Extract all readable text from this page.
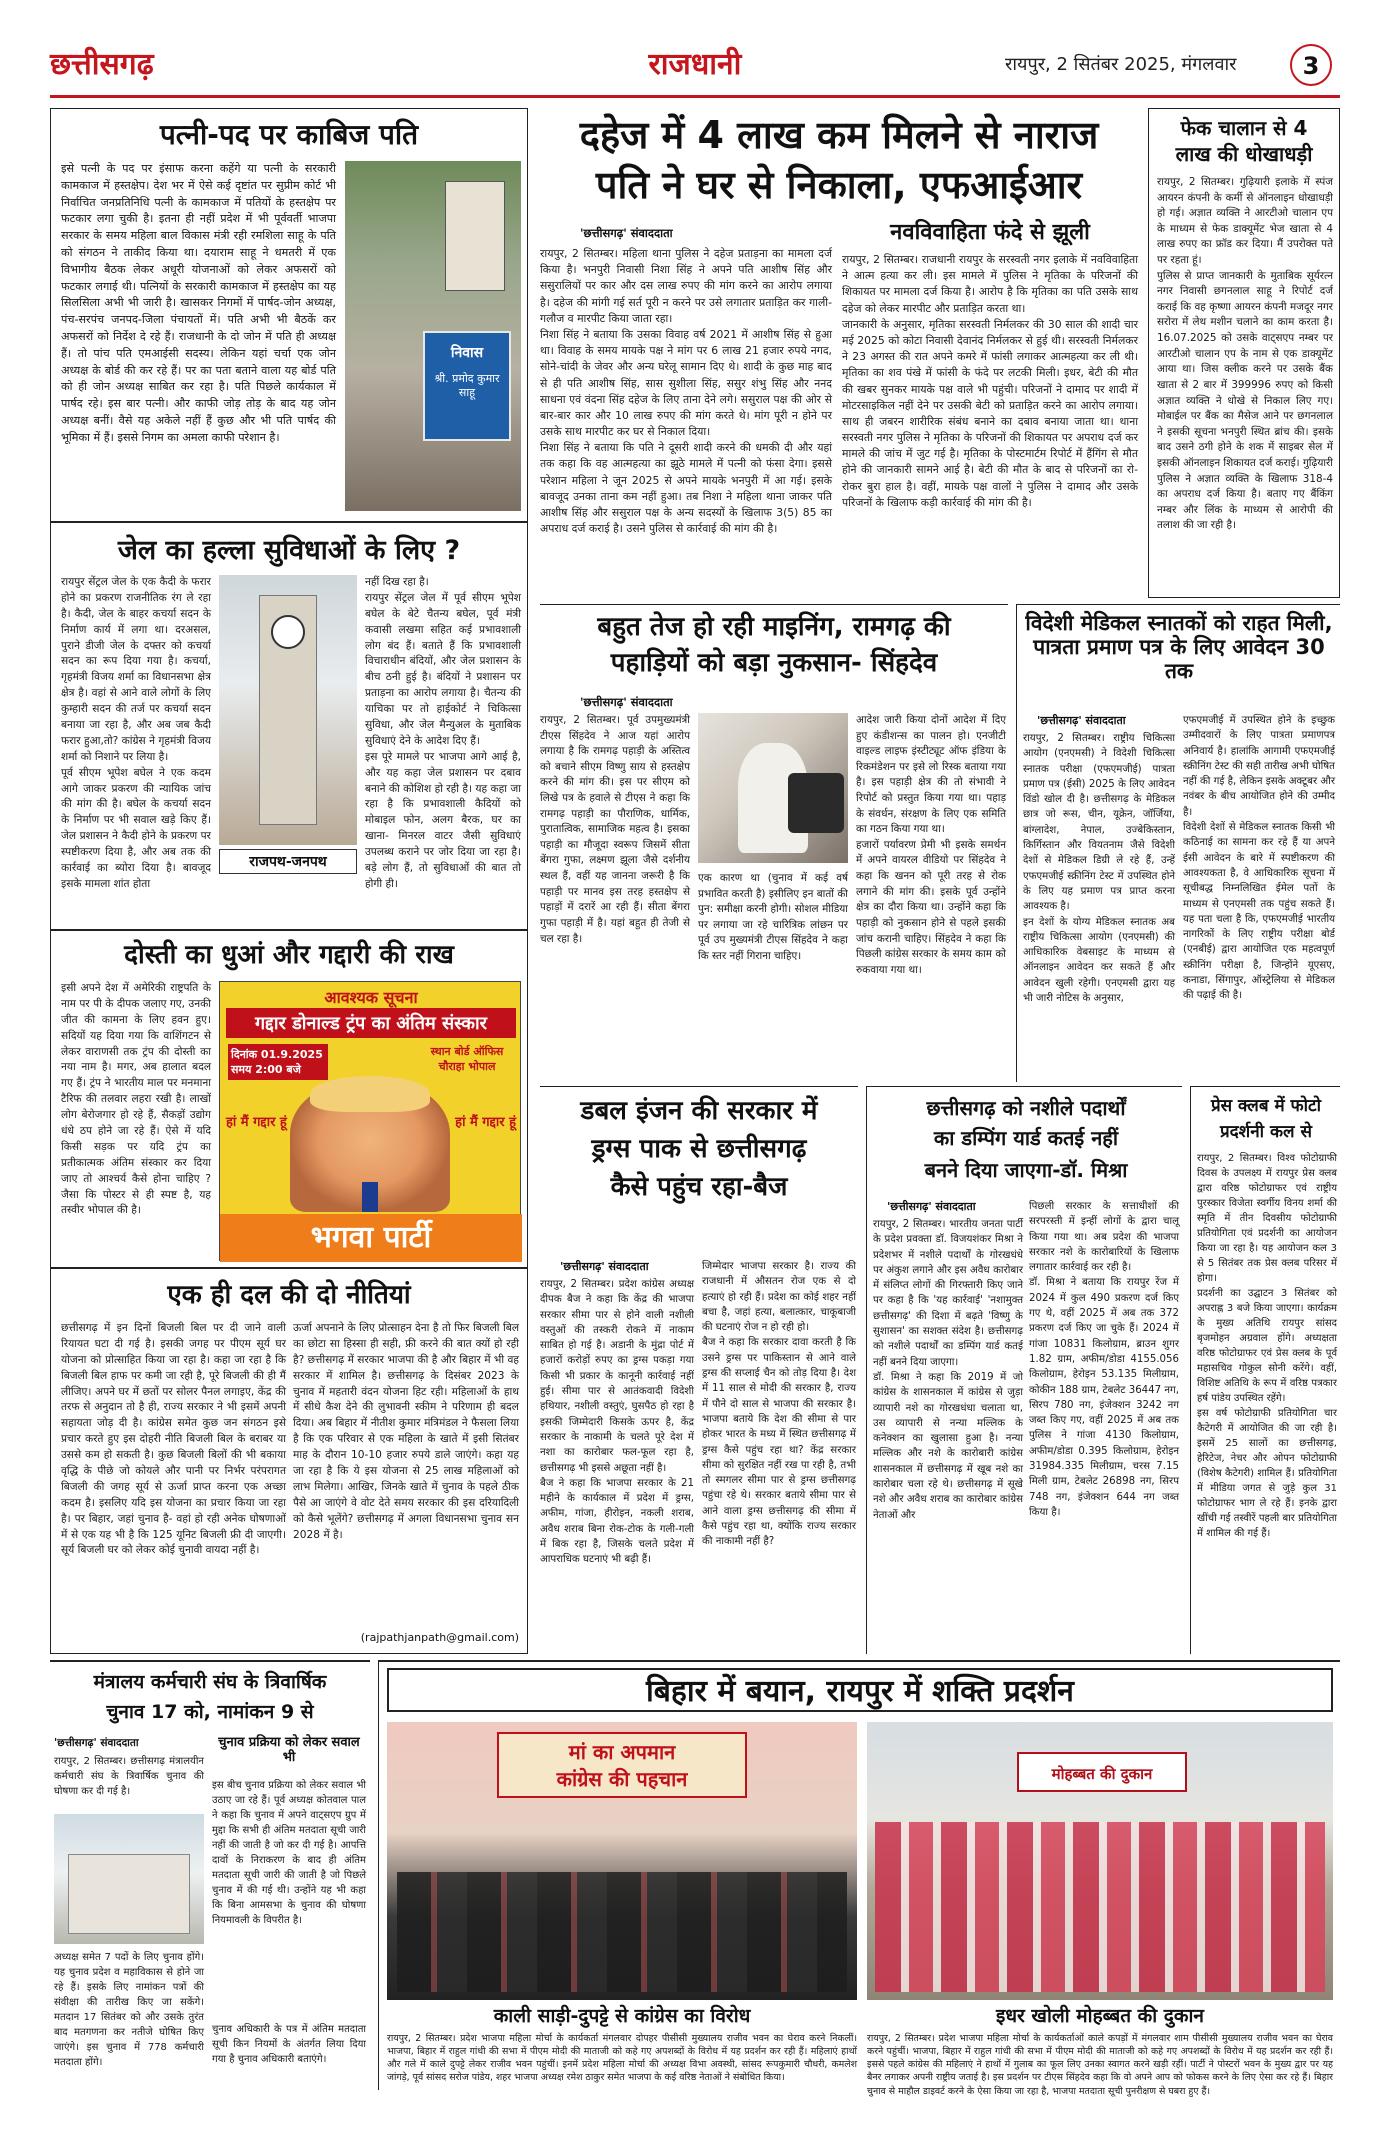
छत्तीसगढ़	राजधानी	रायपुर, 2 सितंबर 2025, मंगलवार	3
पत्नी-पद पर काबिज पति
इसे पत्नी के पद पर इंसाफ करना कहेंगे या पत्नी के सरकारी कामकाज में हस्तक्षेप। देश भर में ऐसे कई दृष्टांत पर सुप्रीम कोर्ट भी निर्वाचित जनप्रतिनिधि पत्नी के कामकाज में पतियों के हस्तक्षेप पर फटकार लगा चुकी है। इतना ही नहीं प्रदेश में भी पूर्ववर्ती भाजपा सरकार के समय महिला बाल विकास मंत्री रही रमशिला साहू के पति को संगठन ने ताकीद किया था। दयाराम साहू ने धमतरी में एक विभागीय बैठक लेकर अधूरी योजनाओं को लेकर अफसरों को फटकार लगाई थी। पत्नियों के सरकारी कामकाज में हस्तक्षेप का यह सिलसिला अभी भी जारी है। खासकर निगमों में पार्षद-जोन अध्यक्ष, पंच-सरपंच जनपद-जिला पंचायतों में। पति अभी भी बैठकें कर अफसरों को निर्देश दे रहे हैं। राजधानी के दो जोन में पति ही अध्यक्ष हैं। तो पांच पति एमआईसी सदस्य। लेकिन यहां चर्चा एक जोन अध्यक्ष के बोर्ड की कर रहे हैं। पर का पता बताने वाला यह बोर्ड पति को ही जोन अध्यक्ष साबित कर रहा है। पति पिछले कार्यकाल में पार्षद रहे। इस बार पत्नी। और काफी जोड़ तोड़ के बाद यह जोन अध्यक्ष बनीं। वैसे यह अकेले नहीं हैं कुछ और भी पति पार्षद की भूमिका में हैं। इससे निगम का अमला काफी परेशान है।
निवास
श्री. प्रमोद कुमार साहू
जेल का हल्ला सुविधाओं के लिए ?
रायपुर सेंट्रल जेल के एक कैदी के फरार होने का प्रकरण राजनीतिक रंग ले रहा है। कैदी, जेल के बाहर कचर्या सदन के निर्माण कार्य में लगा था। दरअसल, पुराने डीजी जेल के दफ्तर को कचर्या सदन का रूप दिया गया है। कचर्या, गृहमंत्री विजय शर्मा का विधानसभा क्षेत्र क्षेत्र है। वहां से आने वाले लोगों के लिए कुम्हारी सदन की तर्ज पर कचर्या सदन बनाया जा रहा है, और अब जब कैदी फरार हुआ,तो? कांग्रेस ने गृहमंत्री विजय शर्मा को निशाने पर लिया है।
पूर्व सीएम भूपेश बघेल ने एक कदम आगे जाकर प्रकरण की न्यायिक जांच की मांग की है। बघेल के कचर्या सदन के निर्माण पर भी सवाल खड़े किए हैं। जेल प्रशासन ने कैदी होने के प्रकरण पर स्पष्टीकरण दिया है, और अब तक की कार्रवाई का ब्योरा दिया है। बावजूद इसके मामला शांत होता
राजपथ-जनपथ
नहीं दिख रहा है।
रायपुर सेंट्रल जेल में पूर्व सीएम भूपेश बघेल के बेटे चैतन्य बघेल, पूर्व मंत्री कवासी लखमा सहित कई प्रभावशाली लोग बंद हैं। बताते हैं कि प्रभावशाली विचाराधीन बंदियों, और जेल प्रशासन के बीच ठनी हुई है। बंदियों ने प्रशासन पर प्रताड़ना का आरोप लगाया है। चैतन्य की याचिका पर तो हाईकोर्ट ने चिकित्सा सुविधा, और जेल मैन्युअल के मुताबिक सुविधाएं देने के आदेश दिए हैं।
इस पूरे मामले पर भाजपा आगे आई है, और यह कहा जेल प्रशासन पर दबाव बनाने की कोशिश हो रही है। यह कहा जा रहा है कि प्रभावशाली कैदियों को मोबाइल फोन, अलग बैरक, घर का खाना- मिनरल वाटर जैसी सुविधाएं उपलब्ध कराने पर जोर दिया जा रहा है। बड़े लोग हैं, तो सुविधाओं की बात तो होगी ही।
दोस्ती का धुआं और गद्दारी की राख
इसी अपने देश में अमेरिकी राष्ट्रपति के नाम पर पी के दीपक जलाए गए, उनकी जीत की कामना के लिए हवन हुए। सदियों यह दिया गया कि वाशिंगटन से लेकर वाराणसी तक ट्रंप की दोस्ती का नया नाम है। मगर, अब हालात बदल गए हैं। ट्रंप ने भारतीय माल पर मनमाना टैरिफ की तलवार लहरा रखी है। लाखों लोग बेरोजगार हो रहे हैं, सैकड़ों उद्योग धंधे ठप होने जा रहे हैं। ऐसे में यदि किसी सड़क पर यदि ट्रंप का प्रतीकात्मक अंतिम संस्कार कर दिया जाए तो आश्चर्य कैसे होना चाहिए ? जैसा कि पोस्टर से ही स्पष्ट है, यह तस्वीर भोपाल की है।
आवश्यक सूचना
गद्दार डोनाल्ड ट्रंप का अंतिम संस्कार
दिनांक 01.9.2025 समय 2:00 बजे
स्थान बोर्ड ऑफिस चौराहा भोपाल
हां मैं गद्दार हूं	हां मैं गद्दार हूं
भगवा पार्टी
एक ही दल की दो नीतियां
छत्तीसगढ़ में इन दिनों बिजली बिल पर दी जाने वाली रियायत घटा दी गई है। इसकी जगह पर पीएम सूर्य घर योजना को प्रोत्साहित किया जा रहा है। कहा जा रहा है कि बिजली बिल हाफ पर कमी जा रही है, पूरे बिजली की ही मैं लीजिए। अपने घर में छतों पर सोलर पैनल लगाइए, केंद्र की तरफ से अनुदान तो है ही, राज्य सरकार ने भी इसमें अपनी सहायता जोड़ दी है। कांग्रेस समेत कुछ जन संगठन इसे प्रचार करते हुए इस दोहरी नीति बिजली बिल के बराबर या उससे कम हो सकती है। कुछ बिजली बिलों की भी बकाया वृद्धि के पीछे जो कोयले और पानी पर निर्भर परंपरागत बिजली की जगह सूर्य से ऊर्जा प्राप्त करना एक अच्छा कदम है। इसलिए यदि इस योजना का प्रचार किया जा रहा है। पर बिहार, जहां चुनाव है- वहां हो रही अनेक घोषणाओं में से एक यह भी है कि 125 यूनिट बिजली फ्री दी जाएगी। सूर्य बिजली घर को लेकर कोई चुनावी वायदा नहीं है।
ऊर्जा अपनाने के लिए प्रोत्साहन देना है तो फिर बिजली बिल का छोटा सा हिस्सा ही सही, फ्री करने की बात क्यों हो रही है? छत्तीसगढ़ में सरकार भाजपा की है और बिहार में भी वह सरकार में शामिल है। छत्तीसगढ़ के दिसंबर 2023 के चुनाव में महतारी वंदन योजना हिट रही। महिलाओं के हाथ में सीधे कैश देने की लुभावनी स्कीम ने परिणाम ही बदल दिया। अब बिहार में नीतीश कुमार मंत्रिमंडल ने फैसला लिया है कि एक परिवार से एक महिला के खाते में इसी सितंबर माह के दौरान 10-10 हजार रुपये डाले जाएंगे। कहा यह जा रहा है कि ये इस योजना से 25 लाख महिलाओं को लाभ मिलेगा। आखिर, जिनके खाते में चुनाव के पहले ठीक पैसे आ जाएंगे वे वोट देते समय सरकार की इस दरियादिली को कैसे भूलेंगे? छत्तीसगढ़ में अगला विधानसभा चुनाव सन 2028 में है।
(rajpathjanpath@gmail.com)
दहेज में 4 लाख कम मिलने से नाराज
पति ने घर से निकाला, एफआईआर
'छत्तीसगढ़' संवाददाता
रायपुर, 2 सितम्बर। महिला थाना पुलिस ने दहेज प्रताड़ना का मामला दर्ज किया है। भनपुरी निवासी निशा सिंह ने अपने पति आशीष सिंह और ससुरालियों पर कार और दस लाख रुपए की मांग करने का आरोप लगाया है। दहेज की मांगी गई सर्त पूरी न करने पर उसे लगातार प्रताड़ित कर गाली-गलौज व मारपीट किया जाता रहा।
निशा सिंह ने बताया कि उसका विवाह वर्ष 2021 में आशीष सिंह से हुआ था। विवाह के समय मायके पक्ष ने मांग पर 6 लाख 21 हजार रुपये नगद, सोने-चांदी के जेवर और अन्य घरेलू सामान दिए थे। शादी के कुछ माह बाद से ही पति आशीष सिंह, सास सुशीला सिंह, ससुर शंभु सिंह और ननद साधना एवं वंदना सिंह दहेज के लिए ताना देने लगे। ससुराल पक्ष की ओर से बार-बार कार और 10 लाख रुपए की मांग करते थे। मांग पूरी न होने पर उसके साथ मारपीट कर घर से निकाल दिया।
निशा सिंह ने बताया कि पति ने दूसरी शादी करने की धमकी दी और यहां तक कहा कि वह आत्महत्या का झूठे मामले में पत्नी को फंसा देगा। इससे परेशान महिला ने जून 2025 से अपने मायके भनपुरी में आ गई। इसके बावजूद उनका ताना कम नहीं हुआ। तब निशा ने महिला थाना जाकर पति आशीष सिंह और ससुराल पक्ष के अन्य सदस्यों के खिलाफ 3(5) 85 का अपराध दर्ज कराई है। उसने पुलिस से कार्रवाई की मांग की है।
नवविवाहिता फंदे से झूली
रायपुर, 2 सितम्बर। राजधानी रायपुर के सरस्वती नगर इलाके में नवविवाहिता ने आत्म हत्या कर ली। इस मामले में पुलिस ने मृतिका के परिजनों की शिकायत पर मामला दर्ज किया है। आरोप है कि मृतिका का पति उसके साथ दहेज को लेकर मारपीट और प्रताड़ित करता था।
जानकारी के अनुसार, मृतिका सरस्वती निर्मलकर की 30 साल की शादी चार मई 2025 को कोटा निवासी देवानंद निर्मलकर से हुई थी। सरस्वती निर्मलकर ने 23 अगस्त की रात अपने कमरे में फांसी लगाकर आत्महत्या कर ली थी। मृतिका का शव पंखे में फांसी के फंदे पर लटकी मिली। इधर, बेटी की मौत की खबर सुनकर मायके पक्ष वाले भी पहुंची। परिजनों ने दामाद पर शादी में मोटरसाइकिल नहीं देने पर उसकी बेटी को प्रताड़ित करने का आरोप लगाया। साथ ही जबरन शारीरिक संबंध बनाने का दबाव बनाया जाता था। थाना सरस्वती नगर पुलिस ने मृतिका के परिजनों की शिकायत पर अपराध दर्ज कर मामले की जांच में जुट गई है। मृतिका के पोस्टमार्टम रिपोर्ट में हैंगिंग से मौत होने की जानकारी सामने आई है। बेटी की मौत के बाद से परिजनों का रो-रोकर बुरा हाल है। वहीं, मायके पक्ष वालों ने पुलिस ने दामाद और उसके परिजनों के खिलाफ कड़ी कार्रवाई की मांग की है।
फेक चालान से 4
लाख की धोखाधड़ी
रायपुर, 2 सितम्बर। गुढ़ियारी इलाके में स्पंज आयरन कंपनी के कर्मी से ऑनलाइन धोखाधड़ी हो गई। अज्ञात व्यक्ति ने आरटीओ चालान एप के माध्यम से फेक डाक्यूमेंट भेज खाता से 4 लाख रुपए का फ्रॉड कर दिया। मैं उपरोक्त पते पर रहता हूं।
पुलिस से प्राप्त जानकारी के मुताबिक सूर्यरत्न नगर निवासी छगनलाल साहू ने रिपोर्ट दर्ज कराई कि वह कृष्णा आयरन कंपनी मजदूर नगर सरोरा में लेथ मशीन चलाने का काम करता है। 16.07.2025 को उसके वाट्सएप नम्बर पर आरटीओ चालान एप के नाम से एक डाक्यूमेंट आया था। जिस क्लीक करने पर उसके बैंक खाता से 2 बार में 399996 रुपए को किसी अज्ञात व्यक्ति ने धोखे से निकाल लिए गए। मोबाईल पर बैंक का मैसेज आने पर छगनलाल ने इसकी सूचना भनपुरी स्थित ब्रांच की। इसके बाद उसने ठगी होने के शक में साइबर सेल में इसकी ऑनलाइन शिकायत दर्ज कराई। गुढ़ियारी पुलिस ने अज्ञात व्यक्ति के खिलाफ 318-4 का अपराध दर्ज किया है। बताए गए बैंकिंग नम्बर और लिंक के माध्यम से आरोपी की तलाश की जा रही है।
बहुत तेज हो रही माइनिंग, रामगढ़ की
पहाड़ियों को बड़ा नुकसान- सिंहदेव
'छत्तीसगढ़' संवाददाता
रायपुर, 2 सितम्बर। पूर्व उपमुख्यमंत्री टीएस सिंहदेव ने आज यहां आरोप लगाया है कि रामगढ़ पहाड़ी के अस्तित्व को बचाने सीएम विष्णु साय से हस्तक्षेप करने की मांग की। इस पर सीएम को लिखे पत्र के हवाले से टीएस ने कहा कि रामगढ़ पहाड़ी का पौराणिक, धार्मिक, पुरातात्विक, सामाजिक महत्व है। इसका पहाड़ी का मौजूदा स्वरूप जिसमें सीता बेंगरा गुफा, लक्ष्मण झूला जैसे दर्शनीय स्थल हैं, वहीं यह जानना जरूरी है कि पहाड़ी पर मानव इस तरह हस्तक्षेप से पहाड़ों में दरारें आ रही हैं। सीता बेंगरा गुफा पहाड़ी में है। यहां बहुत ही तेजी से चल रहा है।
आदेश जारी किया दोनों आदेश में दिए हुए कंडीशन्स का पालन हो। एनजीटी वाइल्ड लाइफ इंस्टीट्यूट ऑफ इंडिया के रिकमंडेशन पर इसे लो रिस्क बताया गया है। इस पहाड़ी क्षेत्र की तो संभावी ने रिपोर्ट को प्रस्तुत किया गया था। पहाड़ के संवर्धन, संरक्षण के लिए एक समिति का गठन किया गया था।
हजारों पर्यावरण प्रेमी भी इसके समर्थन में अपने वायरल वीडियो पर सिंहदेव ने कहा कि खनन को पूरी तरह से रोक लगाने की मांग की। इसके पूर्व उन्होंने क्षेत्र का दौरा किया था। उन्होंने कहा कि पहाड़ी को नुकसान होने से पहले इसकी जांच करानी चाहिए। सिंहदेव ने कहा कि पिछली कांग्रेस सरकार के समय काम को रुकवाया गया था।
एक कारण था (चुनाव में कई वर्ष प्रभावित करती है) इसीलिए इन बातों की पुन: समीक्षा करनी होगी। सोशल मीडिया पर लगाया जा रहे चारित्रिक लांछन पर पूर्व उप मुख्यमंत्री टीएस सिंहदेव ने कहा कि स्तर नहीं गिराना चाहिए।
विदेशी मेडिकल स्नातकों को राहत मिली, पात्रता प्रमाण पत्र के लिए आवेदन 30 तक
'छत्तीसगढ़' संवाददाता
रायपुर, 2 सितम्बर। राष्ट्रीय चिकित्सा आयोग (एनएमसी) ने विदेशी चिकित्सा स्नातक परीक्षा (एफएमजीई) पात्रता प्रमाण पत्र (ईसी) 2025 के लिए आवेदन विंडो खोल दी है। छत्तीसगढ़ के मेडिकल छात्र जो रूस, चीन, यूक्रेन, जॉर्जिया, बांग्लादेश, नेपाल, उज्बेकिस्तान, किर्गिस्तान और वियतनाम जैसे विदेशी देशों से मेडिकल डिग्री ले रहे हैं, उन्हें एफएमजीई स्क्रीनिंग टेस्ट में उपस्थित होने के लिए यह प्रमाण पत्र प्राप्त करना आवश्यक है।
इन देशों के योग्य मेडिकल स्नातक अब राष्ट्रीय चिकित्सा आयोग (एनएमसी) की आधिकारिक वेबसाइट के माध्यम से ऑनलाइन आवेदन कर सकते हैं और आवेदन खुली रहेगी। एनएमसी द्वारा यह भी जारी नोटिस के अनुसार,
एफएमजीई में उपस्थित होने के इच्छुक उम्मीदवारों के लिए पात्रता प्रमाणपत्र अनिवार्य है। हालांकि आगामी एफएमजीई स्क्रीनिंग टेस्ट की सही तारीख अभी घोषित नहीं की गई है, लेकिन इसके अक्टूबर और नवंबर के बीच आयोजित होने की उम्मीद है।
विदेशी देशों से मेडिकल स्नातक किसी भी कठिनाई का सामना कर रहे हैं या अपने ईसी आवेदन के बारे में स्पष्टीकरण की आवश्यकता है, वे आधिकारिक सूचना में सूचीबद्ध निम्नलिखित ईमेल पतों के माध्यम से एनएमसी तक पहुंच सकते हैं। यह पता चला है कि, एफएमजीई भारतीय नागरिकों के लिए राष्ट्रीय परीक्षा बोर्ड (एनबीई) द्वारा आयोजित एक महत्वपूर्ण स्क्रीनिंग परीक्षा है, जिन्होंने यूएसए, कनाडा, सिंगापुर, ऑस्ट्रेलिया से मेडिकल की पढ़ाई की है।
डबल इंजन की सरकार में
ड्रग्स पाक से छत्तीसगढ़
कैसे पहुंच रहा-बैज
'छत्तीसगढ़' संवाददाता
रायपुर, 2 सितम्बर। प्रदेश कांग्रेस अध्यक्ष दीपक बैज ने कहा कि केंद्र की भाजपा सरकार सीमा पार से होने वाली नशीली वस्तुओं की तस्करी रोकने में नाकाम साबित हो गई है। अडानी के मुंद्रा पोर्ट में हजारों करोड़ों रुपए का ड्रग्स पकड़ा गया किसी भी प्रकार के कानूनी कार्रवाई नहीं हुई। सीमा पार से आतंकवादी विदेशी हथियार, नशीली वस्तुएं, घुसपैठ हो रहा है इसकी जिम्मेदारी किसके ऊपर है, केंद्र सरकार के नाकामी के चलते पूरे देश में नशा का कारोबार फल-फूल रहा है, छत्तीसगढ़ भी इससे अछूता नहीं है।
बैज ने कहा कि भाजपा सरकार के 21 महीने के कार्यकाल में प्रदेश में ड्रग्स, अफीम, गांजा, हीरोइन, नकली शराब, अवैध शराब बिना रोक-टोक के गली-गली में बिक रहा है, जिसके चलते प्रदेश में आपराधिक घटनाएं भी बढ़ी हैं।
जिम्मेदार भाजपा सरकार है। राज्य की राजधानी में औसतन रोज एक से दो हत्याएं हो रही हैं। प्रदेश का कोई शहर नहीं बचा है, जहां हत्या, बलात्कार, चाकूबाजी की घटनाएं रोज न हो रही हो।
बैज ने कहा कि सरकार दावा करती है कि उसने ड्रग्स पर पाकिस्तान से आने वाले ड्रग्स की सप्लाई चैन को तोड़ दिया है। देश में 11 साल से मोदी की सरकार है, राज्य में पौने दो साल से भाजपा की सरकार है। भाजपा बताये कि देश की सीमा से पार होकर भारत के मध्य में स्थित छत्तीसगढ़ में ड्रग्स कैसे पहुंच रहा था? केंद्र सरकार सीमा को सुरक्षित नहीं रख पा रही है, तभी तो स्मगलर सीमा पार से ड्रग्स छत्तीसगढ़ पहुंचा रहे थे। सरकार बताये सीमा पार से आने वाला ड्रग्स छत्तीसगढ़ की सीमा में कैसे पहुंच रहा था, क्योंकि राज्य सरकार की नाकामी नहीं है?
छत्तीसगढ़ को नशीले पदार्थों
का डम्पिंग यार्ड कतई नहीं
बनने दिया जाएगा-डॉ. मिश्रा
'छत्तीसगढ़' संवाददाता
रायपुर, 2 सितम्बर। भारतीय जनता पार्टी के प्रदेश प्रवक्ता डॉ. विजयशंकर मिश्रा ने प्रदेशभर में नशीले पदार्थों के गोरखधंधे पर अंकुश लगाने और इस अवैध कारोबार में संलिप्त लोगों की गिरफ्तारी किए जाने पर कहा है कि 'यह कार्रवाई' 'नशामुक्त छत्तीसगढ़' की दिशा में बढ़ते 'विष्णु के सुशासन' का सशक्त संदेश है। छत्तीसगढ़ को नशीले पदार्थों का डम्पिंग यार्ड कतई नहीं बनने दिया जाएगा।
डॉ. मिश्रा ने कहा कि 2019 में जो कांग्रेस के शासनकाल में कांग्रेस से जुड़ा व्यापारी नशे का गोरखधंधा चलाता था, उस व्यापारी से नन्या मल्लिक के कनेक्शन का खुलासा हुआ है। नन्या मल्लिक और नशे के कारोबारी कांग्रेस शासनकाल में छत्तीसगढ़ में खूब नशे का कारोबार चला रहे थे। छत्तीसगढ़ में सूखे नशे और अवैध शराब का कारोबार कांग्रेस नेताओं और
पिछली सरकार के सत्ताधीशों की सरपरस्ती में इन्हीं लोगों के द्वारा चालू किया गया था। अब प्रदेश की भाजपा सरकार नशे के कारोबारियों के खिलाफ लगातार कार्रवाई कर रही है।
डॉ. मिश्रा ने बताया कि रायपुर रेंज में 2024 में कुल 490 प्रकरण दर्ज किए गए थे, वहीं 2025 में अब तक 372 प्रकरण दर्ज किए जा चुके हैं। 2024 में गांजा 10831 किलोग्राम, ब्राउन शुगर 1.82 ग्राम, अफीम/डोडा 4155.056 किलोग्राम, हेरोइन 53.135 मिलीग्राम, कोकीन 188 ग्राम, टेबलेट 36447 नग, सिरप 780 नग, इंजेक्शन 3242 नग जब्त किए गए, वहीं 2025 में अब तक पुलिस ने गांजा 4130 किलोग्राम, अफीम/डोडा 0.395 किलोग्राम, हेरोइन 31984.335 मिलीग्राम, चरस 7.15 मिली ग्राम, टेबलेट 26898 नग, सिरप 748 नग, इंजेक्शन 644 नग जब्त किया है।
प्रेस क्लब में फोटो
प्रदर्शनी कल से
रायपुर, 2 सितम्बर। विश्व फोटोग्राफी दिवस के उपलक्ष्य में रायपुर प्रेस क्लब द्वारा वरिष्ठ फोटोग्राफर एवं राष्ट्रीय पुरस्कार विजेता स्वर्गीय विनय शर्मा की स्मृति में तीन दिवसीय फोटोग्राफी प्रतियोगिता एवं प्रदर्शनी का आयोजन किया जा रहा है। यह आयोजन कल 3 से 5 सितंबर तक प्रेस क्लब परिसर में होगा।
प्रदर्शनी का उद्घाटन 3 सितंबर को अपराह्न 3 बजे किया जाएगा। कार्यक्रम के मुख्य अतिथि रायपुर सांसद बृजमोहन अग्रवाल होंगे। अध्यक्षता वरिष्ठ फोटोग्राफर एवं प्रेस क्लब के पूर्व महासचिव गोकुल सोनी करेंगे। वहीं, विशिष्ट अतिथि के रूप में वरिष्ठ पत्रकार हर्ष पांडेय उपस्थित रहेंगे।
इस वर्ष फोटोग्राफी प्रतियोगिता चार कैटेगरी में आयोजित की जा रही है। इसमें 25 सालों का छत्तीसगढ़, हेरिटेज, नेचर और ओपन फोटोग्राफी (विशेष कैटेगरी) शामिल हैं। प्रतियोगिता में मीडिया जगत से जुड़े कुल 31 फोटोग्राफर भाग ले रहे हैं। इनके द्वारा खींची गई तस्वीरें पहली बार प्रतियोगिता में शामिल की गई हैं।
मंत्रालय कर्मचारी संघ के त्रिवार्षिक
चुनाव 17 को, नामांकन 9 से
'छत्तीसगढ़' संवाददाता
रायपुर, 2 सितम्बर। छत्तीसगढ़ मंत्रालयीन कर्मचारी संघ के त्रिवार्षिक चुनाव की घोषणा कर दी गई है।
अध्यक्ष समेत 7 पदों के लिए चुनाव होंगे। यह चुनाव प्रदेश व महाविकास से होने जा रहे हैं। इसके लिए नामांकन पत्रों की संवीक्षा की तारीख किए जा सकेंगे। मतदान 17 सितंबर को और उसके तुरंत बाद मतगणना कर नतीजे घोषित किए जाएंगे। इस चुनाव में 778 कर्मचारी मतदाता होंगे।
चुनाव प्रक्रिया को लेकर सवाल भी
इस बीच चुनाव प्रक्रिया को लेकर सवाल भी उठाए जा रहे हैं। पूर्व अध्यक्ष कोतवाल पाल ने कहा कि चुनाव में अपने वाट्सएप ग्रुप में मुद्दा कि सभी ही अंतिम मतदाता सूची जारी नहीं की जाती है जो कर दी गई है। आपत्ति दावों के निराकरण के बाद ही अंतिम मतदाता सूची जारी की जाती है जो पिछले चुनाव में की गई थी। उन्होंने यह भी कहा कि बिना आमसभा के चुनाव की घोषणा नियमावली के विपरीत है।
चुनाव अधिकारी के पत्र में अंतिम मतदाता सूची किन नियमों के अंतर्गत लिया दिया गया है चुनाव अधिकारी बताएंगे।
बिहार में बयान, रायपुर में शक्ति प्रदर्शन
मां का अपमान
कांग्रेस की पहचान
काली साड़ी-दुपट्टे से कांग्रेस का विरोध
रायपुर, 2 सितम्बर। प्रदेश भाजपा महिला मोर्चा के कार्यकर्ता मंगलवार दोपहर पीसीसी मुख्यालय राजीव भवन का घेराव करने निकलीं। भाजपा, बिहार में राहुल गांधी की सभा में पीएम मोदी की माताजी को कहे गए अपशब्दों के विरोध में यह प्रदर्शन कर रही हैं। महिलाएं हाथों और गले में काले दुपट्टे लेकर राजीव भवन पहुंचीं। इनमें प्रदेश महिला मोर्चा की अध्यक्ष विभा अवस्थी, सांसद रूपकुमारी चौधरी, कमलेश जांगड़े, पूर्व सांसद सरोज पांडेय, शहर भाजपा अध्यक्ष रमेश ठाकुर समेत भाजपा के कई वरिष्ठ नेताओं ने संबोधित किया।
मोहब्बत की दुकान
इधर खोली मोहब्बत की दुकान
रायपुर, 2 सितम्बर। प्रदेश भाजपा महिला मोर्चा के कार्यकर्ताओं काले कपड़ों में मंगलवार शाम पीसीसी मुख्यालय राजीव भवन का घेराव करने पहुंचीं। भाजपा, बिहार में राहुल गांधी की सभा में पीएम मोदी की माताजी को कहे गए अपशब्दों के विरोध में यह प्रदर्शन कर रही हैं। इससे पहले कांग्रेस की महिलाएं ने हाथों में गुलाब का फूल लिए उनका स्वागत करने खड़ी रहीं। पार्टी ने पोस्टरों भवन के मुख्य द्वार पर यह बैनर लगाकर अपनी राष्ट्रीय जताई है। इस प्रदर्शन पर टीएस सिंहदेव कहा कि वो अपने आप को फोकस करने के लिए ऐसा कर रहे हैं। बिहार चुनाव से माहौल डाइवर्ट करने के ऐसा किया जा रहा है, भाजपा मतदाता सूची पुनरीक्षण से घबरा हुए हैं।
